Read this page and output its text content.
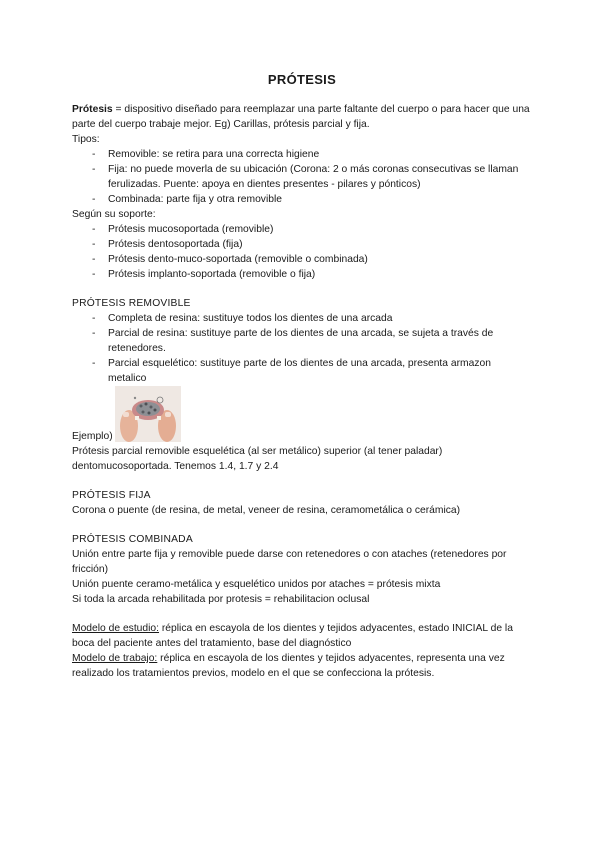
PRÓTESIS

Prótesis = dispositivo diseñado para reemplazar una parte faltante del cuerpo o para hacer que una parte del cuerpo trabaje mejor. Eg) Carillas, prótesis parcial y fija.

Tipos:

- Removible: se retira para una correcta higiene
- Fija: no puede moverla de su ubicación (Corona: 2 o más coronas consecutivas se llaman ferulizadas. Puente: apoya en dientes presentes - pilares y pónticos)
- Combinada: parte fija y otra removible

Según su soporte:

- Prótesis mucosoportada (removible)
- Prótesis dentosoportada (fija)
- Prótesis dento-muco-soportada (removible o combinada)
- Prótesis implanto-soportada (removible o fija)

PRÓTESIS REMOVIBLE

- Completa de resina: sustituye todos los dientes de una arcada
- Parcial de resina: sustituye parte de los dientes de una arcada, se sujeta a través de retenedores.
- Parcial esquelético: sustituye parte de los dientes de una arcada, presenta armazon metalico
Ejemplo)

Prótesis parcial removible esquelética (al ser metálico) superior (al tener paladar) dentomucosoportada. Tenemos 1.4, 1.7 y 2.4

PRÓTESIS FIJA

Corona o puente (de resina, de metal, veneer de resina, ceramometálica o cerámica)

PRÓTESIS COMBINADA

Unión entre parte fija y removible puede darse con retenedores o con ataches (retenedores por fricción)

Unión puente ceramo-metálica y esquelético unidos por ataches = prótesis mixta

Si toda la arcada rehabilitada por protesis = rehabilitacion oclusal

Modelo de estudio: réplica en escayola de los dientes y tejidos adyacentes, estado INICIAL de la boca del paciente antes del tratamiento, base del diagnóstico

Modelo de trabajo: réplica en escayola de los dientes y tejidos adyacentes, representa una vez realizado los tratamientos previos, modelo en el que se confecciona la prótesis.
